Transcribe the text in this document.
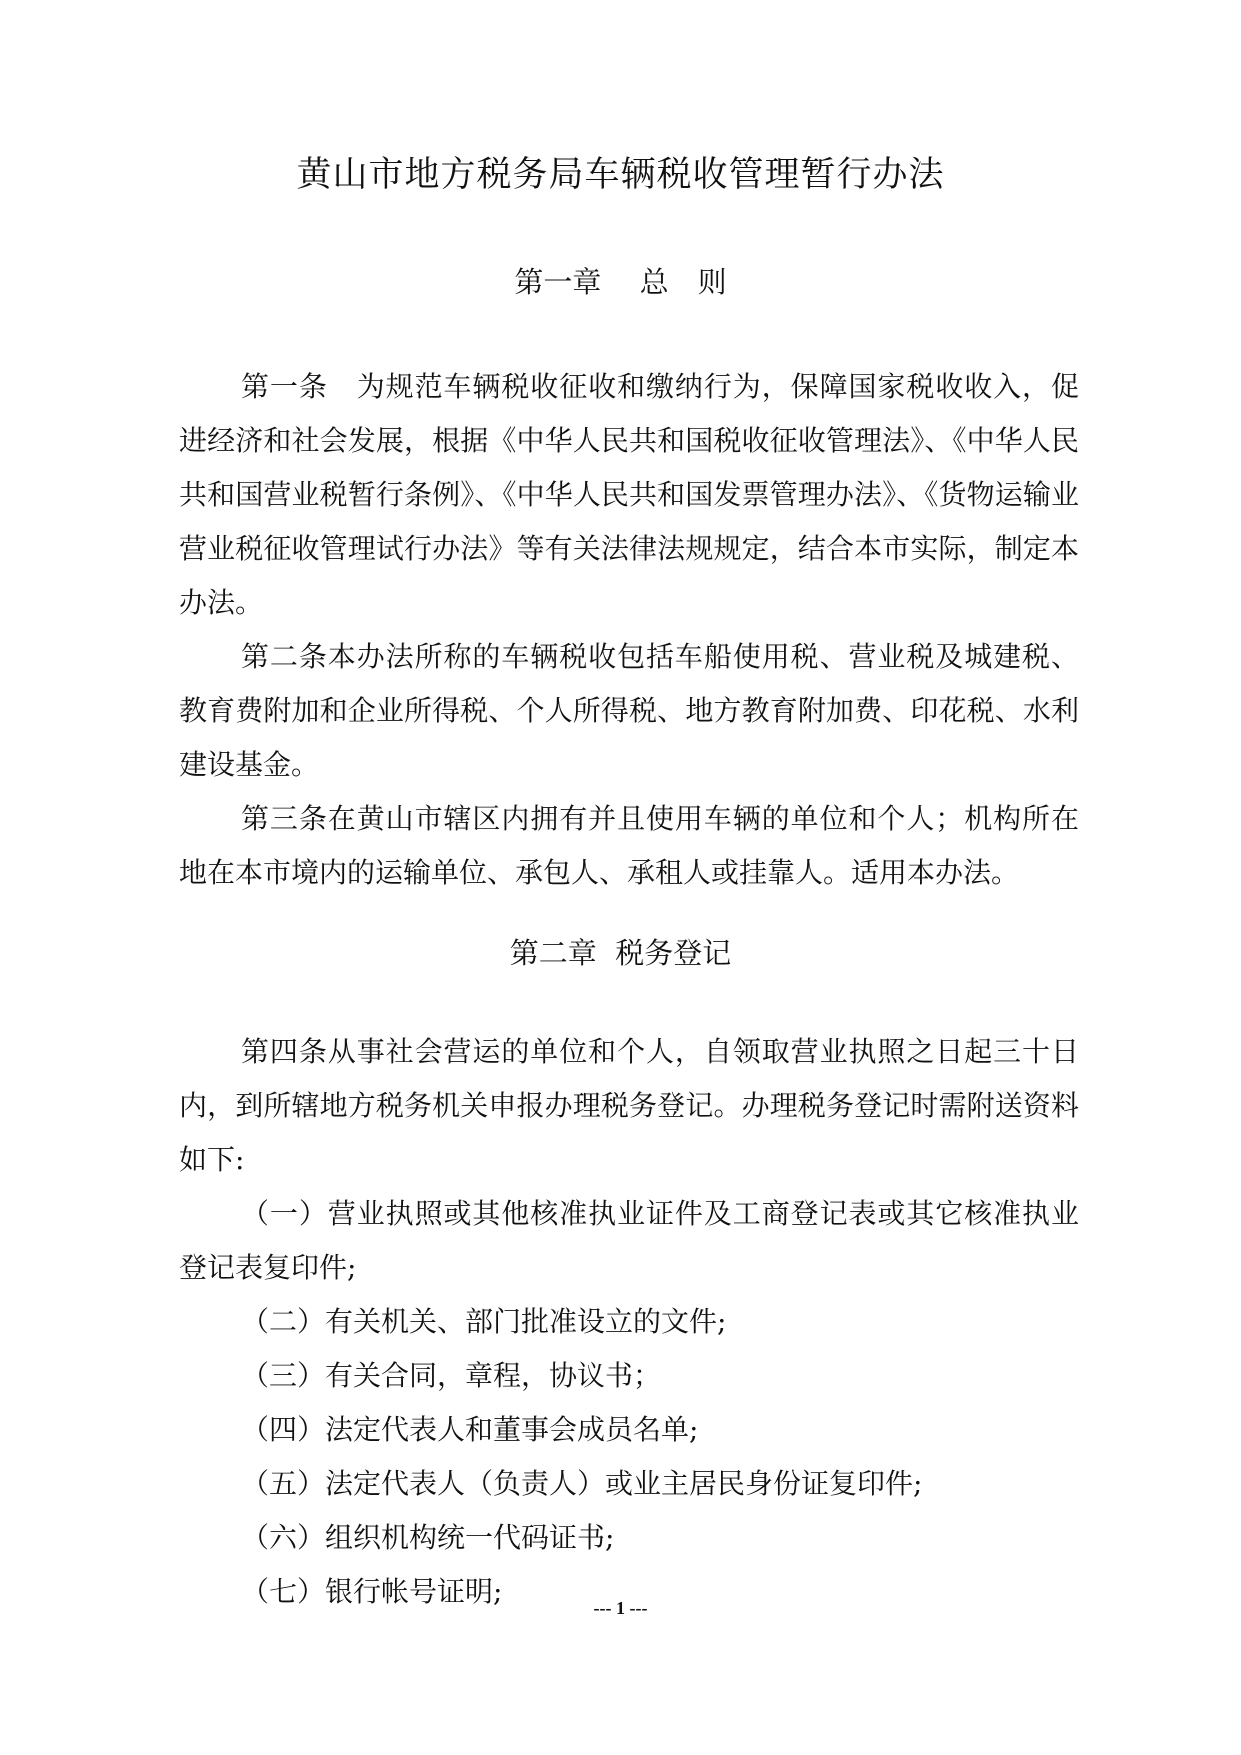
黄山市地方税务局车辆税收管理暂行办法
第一章　 总　则

第一条　为规范车辆税收征收和缴纳行为，保障国家税收收入，促进经济和社会发展，根据《中华人民共和国税收征收管理法》、《中华人民共和国营业税暂行条例》、《中华人民共和国发票管理办法》、《货物运输业营业税征收管理试行办法》等有关法律法规规定，结合本市实际，制定本办法。

第二条本办法所称的车辆税收包括车船使用税、营业税及城建税、教育费附加和企业所得税、个人所得税、地方教育附加费、印花税、水利建设基金。

第三条在黄山市辖区内拥有并且使用车辆的单位和个人；机构所在地在本市境内的运输单位、承包人、承租人或挂靠人。适用本办法。

第二章  税务登记

第四条从事社会营运的单位和个人，自领取营业执照之日起三十日内，到所辖地方税务机关申报办理税务登记。办理税务登记时需附送资料如下:

（一）营业执照或其他核准执业证件及工商登记表或其它核准执业登记表复印件;

（二）有关机关、部门批准设立的文件;

（三）有关合同，章程，协议书；

（四）法定代表人和董事会成员名单;

（五）法定代表人（负责人）或业主居民身份证复印件;

（六）组织机构统一代码证书;

（七）银行帐号证明;	--- 1 ---
